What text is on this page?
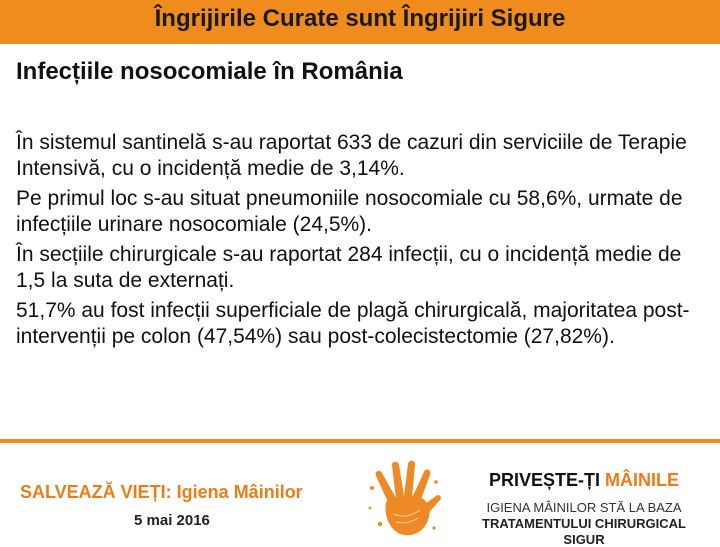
Îngrijirile Curate sunt Îngrijiri Sigure
Infecțiile nosocomiale în România

În sistemul santinelă s-au raportat 633 de cazuri din serviciile de Terapie Intensivă, cu o incidență medie de 3,14%.

Pe primul loc s-au situat pneumoniile nosocomiale cu 58,6%, urmate de infecțiile urinare nosocomiale (24,5%).

În secțiile chirurgicale s-au raportat 284 infecții, cu o incidență medie de 1,5 la suta de externați.

51,7% au fost infecții superficiale de plagă chirurgicală, majoritatea post-intervenții pe colon (47,54%) sau post-colecistectomie (27,82%).

SALVEAZĂ VIEȚI: Igiena Mâinilor
5 mai 2016
PRIVEȘTE-ȚI MÂINILE
IGIENA MÂINILOR STĂ LA BAZA
TRATAMENTULUI CHIRURGICAL
SIGUR
